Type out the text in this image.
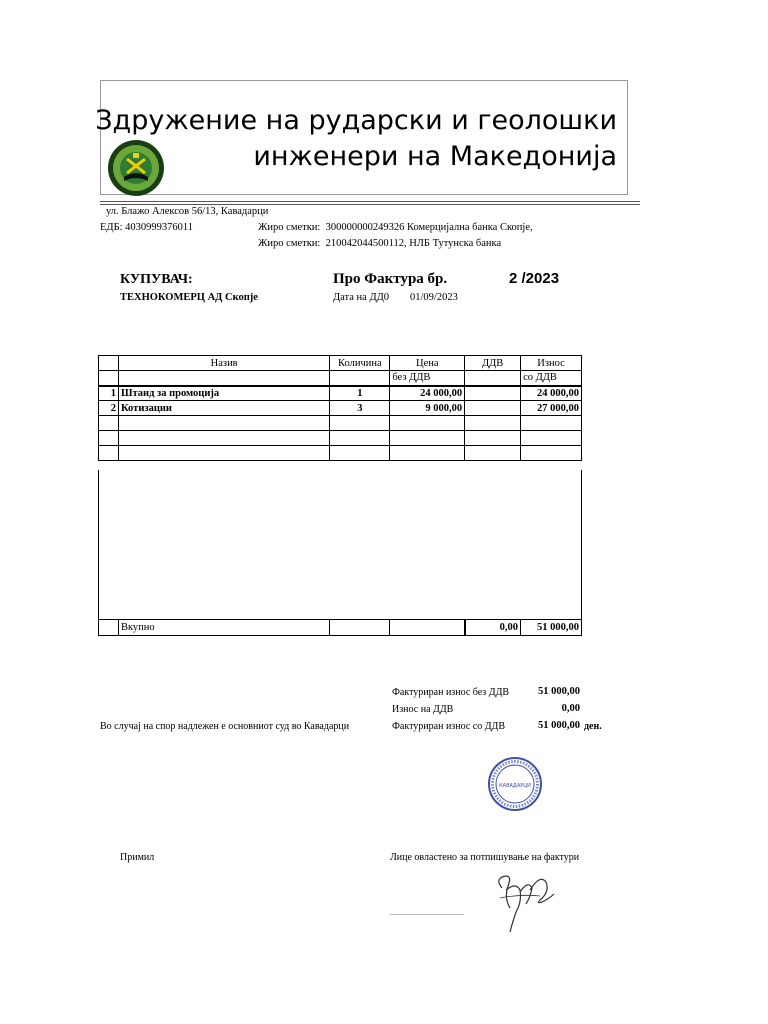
Здружение на рударски и геолошки
инженери на Македонија
ул. Блажо Алексов 56/13, Кавадарци
ЕДБ: 4030999376011	Жиро сметки: 300000000249326 Комерцијална банка Скопје,
Жиро сметки: 210042044500112, НЛБ Тутунска банка
КУПУВАЧ:
ТЕХНОКОМЕРЦ АД Скопје
Про Фактура бр.	2 /2023
Дата на ДД0 01/09/2023
	Назив	Количина	Цена	ДДВ	Износ
			без ДДВ		со ДДВ
1	Штанд за промоција	1	24 000,00		24 000,00
2	Котизации	3	9 000,00		27 000,00

	Вкупно			0,00	51 000,00
Фактуриран износ без ДДВ	51 000,00
Износ на ДДВ	0,00
Фактуриран износ со ДДВ	51 000,00 ден.
Во случај на спор надлежен е основниот суд во Кавадарци
КАВАДАРЦИ
Примил	Лице овластено за потпишување на фактури
